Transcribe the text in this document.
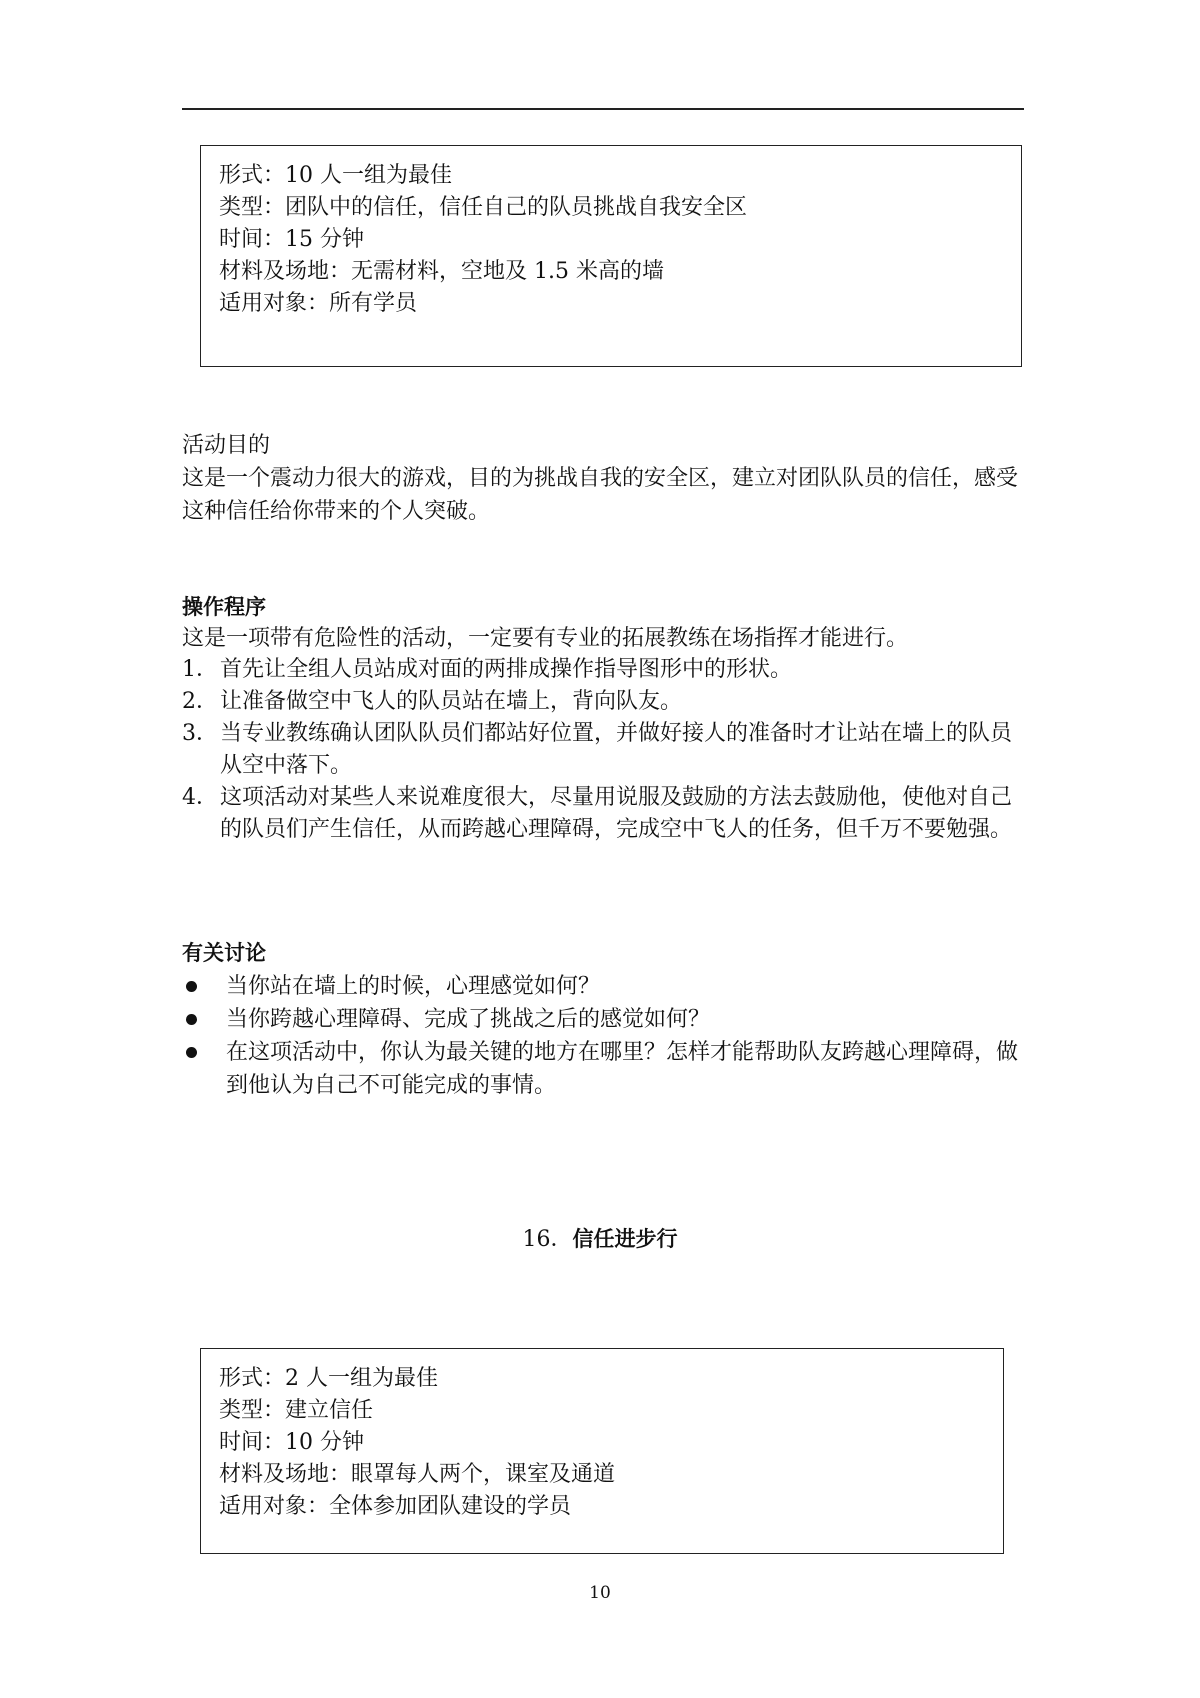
形式：10 人一组为最佳
类型：团队中的信任，信任自己的队员挑战自我安全区
时间：15 分钟
材料及场地：无需材料，空地及 1.5 米高的墙
适用对象：所有学员
活动目的
这是一个震动力很大的游戏，目的为挑战自我的安全区，建立对团队队员的信任，感受这种信任给你带来的个人突破。
操作程序
这是一项带有危险性的活动，一定要有专业的拓展教练在场指挥才能进行。
1． 首先让全组人员站成对面的两排成操作指导图形中的形状。
2． 让准备做空中飞人的队员站在墙上，背向队友。
3． 当专业教练确认团队队员们都站好位置，并做好接人的准备时才让站在墙上的队员从空中落下。
4． 这项活动对某些人来说难度很大，尽量用说服及鼓励的方法去鼓励他，使他对自己的队员们产生信任，从而跨越心理障碍，完成空中飞人的任务，但千万不要勉强。
有关讨论
当你站在墙上的时候，心理感觉如何？
当你跨越心理障碍、完成了挑战之后的感觉如何？
在这项活动中，你认为最关键的地方在哪里？怎样才能帮助队友跨越心理障碍，做到他认为自己不可能完成的事情。
16．信任进步行
形式：2 人一组为最佳
类型：建立信任
时间：10 分钟
材料及场地：眼罩每人两个，课室及通道
适用对象：全体参加团队建设的学员
10
